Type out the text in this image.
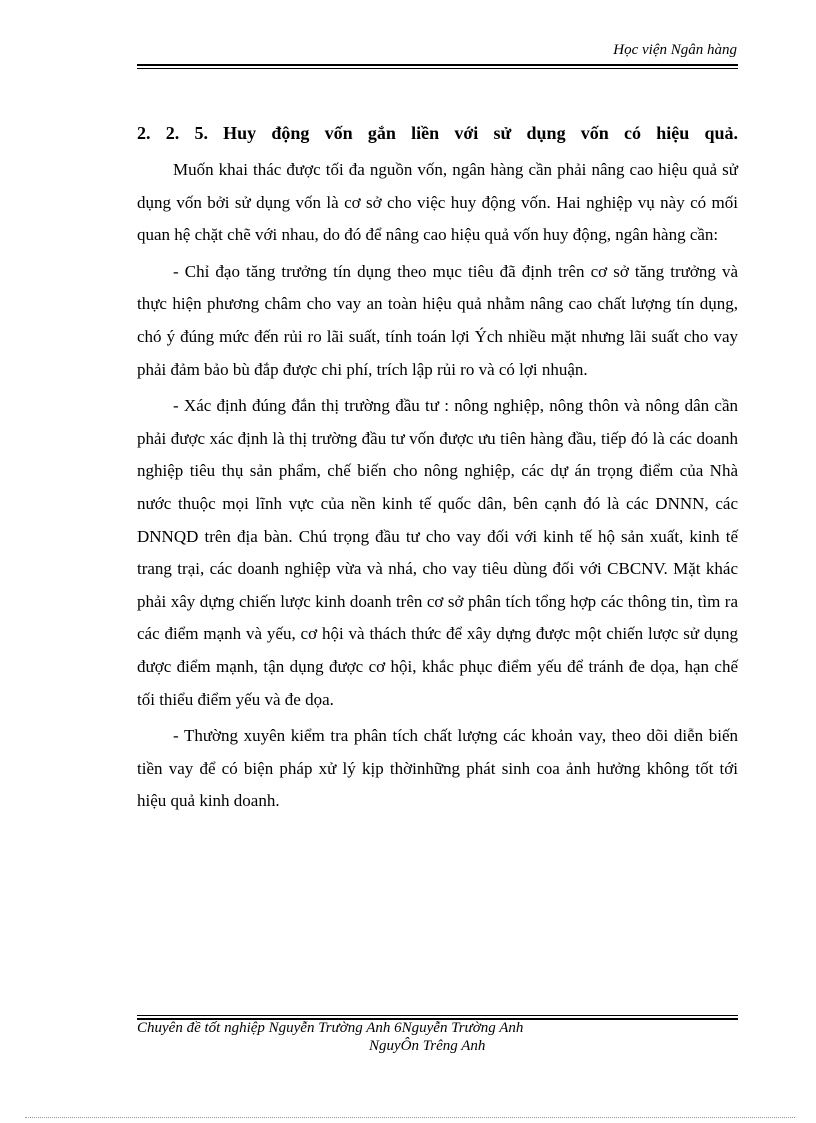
Học viện Ngân hàng
2. 2. 5. Huy động vốn gắn liền với sử dụng vốn có hiệu quả.

Muốn khai thác được tối đa nguồn vốn, ngân hàng cần phải nâng cao hiệu quả sử dụng vốn bởi sử dụng vốn là cơ sở cho việc huy động vốn. Hai nghiệp vụ này có mối quan hệ chặt chẽ với nhau, do đó để nâng cao hiệu quả vốn huy động, ngân hàng cần:

- Chỉ đạo tăng trưởng tín dụng theo mục tiêu đã định trên cơ sở tăng trưởng và thực hiện phương châm cho vay an toàn hiệu quả nhằm nâng cao chất lượng tín dụng, chó ý đúng mức đến rủi ro lãi suất, tính toán lợi Ých nhiều mặt nhưng lãi suất cho vay phải đảm bảo bù đắp được chi phí, trích lập rủi ro và có lợi nhuận.

- Xác định đúng đắn thị trường đầu tư : nông nghiệp, nông thôn và nông dân cần phải được xác định là thị trường đầu tư vốn được ưu tiên hàng đầu, tiếp đó là các doanh nghiệp tiêu thụ sản phẩm, chế biến cho nông nghiệp, các dự án trọng điểm của Nhà nước thuộc mọi lĩnh vực của nền kinh tế quốc dân, bên cạnh đó là các DNNN, các DNNQD trên địa bàn. Chú trọng đầu tư cho vay đối với kinh tế hộ sản xuất, kinh tế trang trại, các doanh nghiệp vừa và nhá, cho vay tiêu dùng đối với CBCNV. Mặt khác phải xây dựng chiến lược kinh doanh trên cơ sở phân tích tổng hợp các thông tin, tìm ra các điểm mạnh và yếu, cơ hội và thách thức để xây dựng được một chiến lược sử dụng được điểm mạnh, tận dụng được cơ hội, khắc phục điểm yếu để tránh đe dọa, hạn chế tối thiểu điểm yếu và đe dọa.

- Thường xuyên kiểm tra phân tích chất lượng các khoản vay, theo dõi diễn biến tiền vay để có biện pháp xử lý kịp thờinhững phát sinh coa ảnh hưởng không tốt tới hiệu quả kinh doanh.

Chuyên đề tốt nghiệp Nguyễn Trường Anh 6Nguyễn Trường Anh
NguyÔn Trêng Anh
